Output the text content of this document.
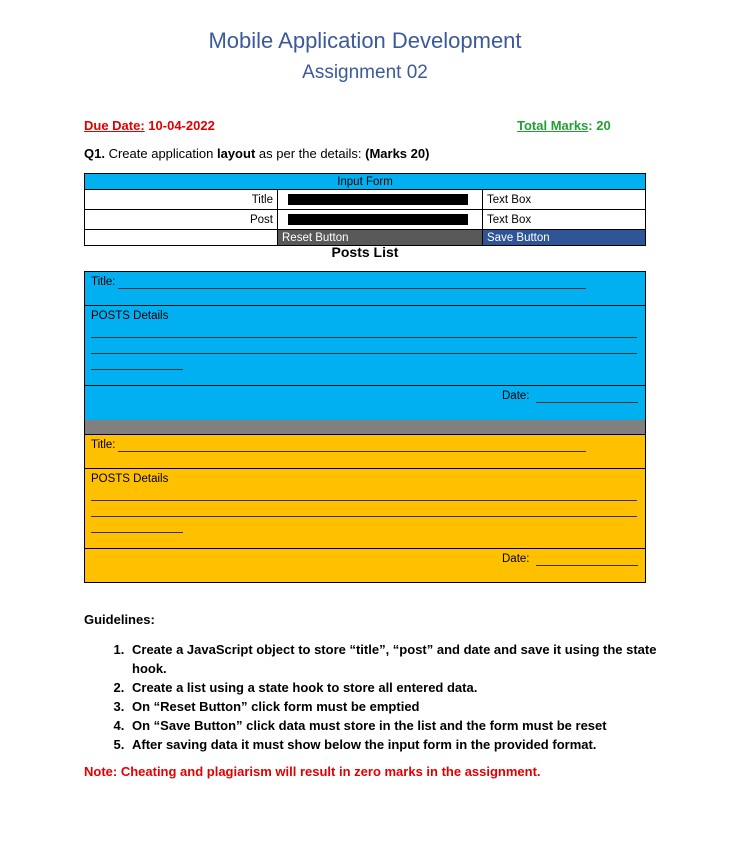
Mobile Application Development
Assignment 02
Due Date: 10-04-2022	Total Marks: 20
Q1. Create application layout as per the details: (Marks 20)
Input Form		
Title		Text Box
Post		Text Box
	Reset Button	Save Button
Posts List
Title:
POSTS Details
Date:
Title:
POSTS Details
Date:
Guidelines:
1. Create a JavaScript object to store “title”, “post” and date and save it using the state hook.
2. Create a list using a state hook to store all entered data.
3. On “Reset Button” click form must be emptied
4. On “Save Button” click data must store in the list and the form must be reset
5. After saving data it must show below the input form in the provided format.
Note: Cheating and plagiarism will result in zero marks in the assignment.
